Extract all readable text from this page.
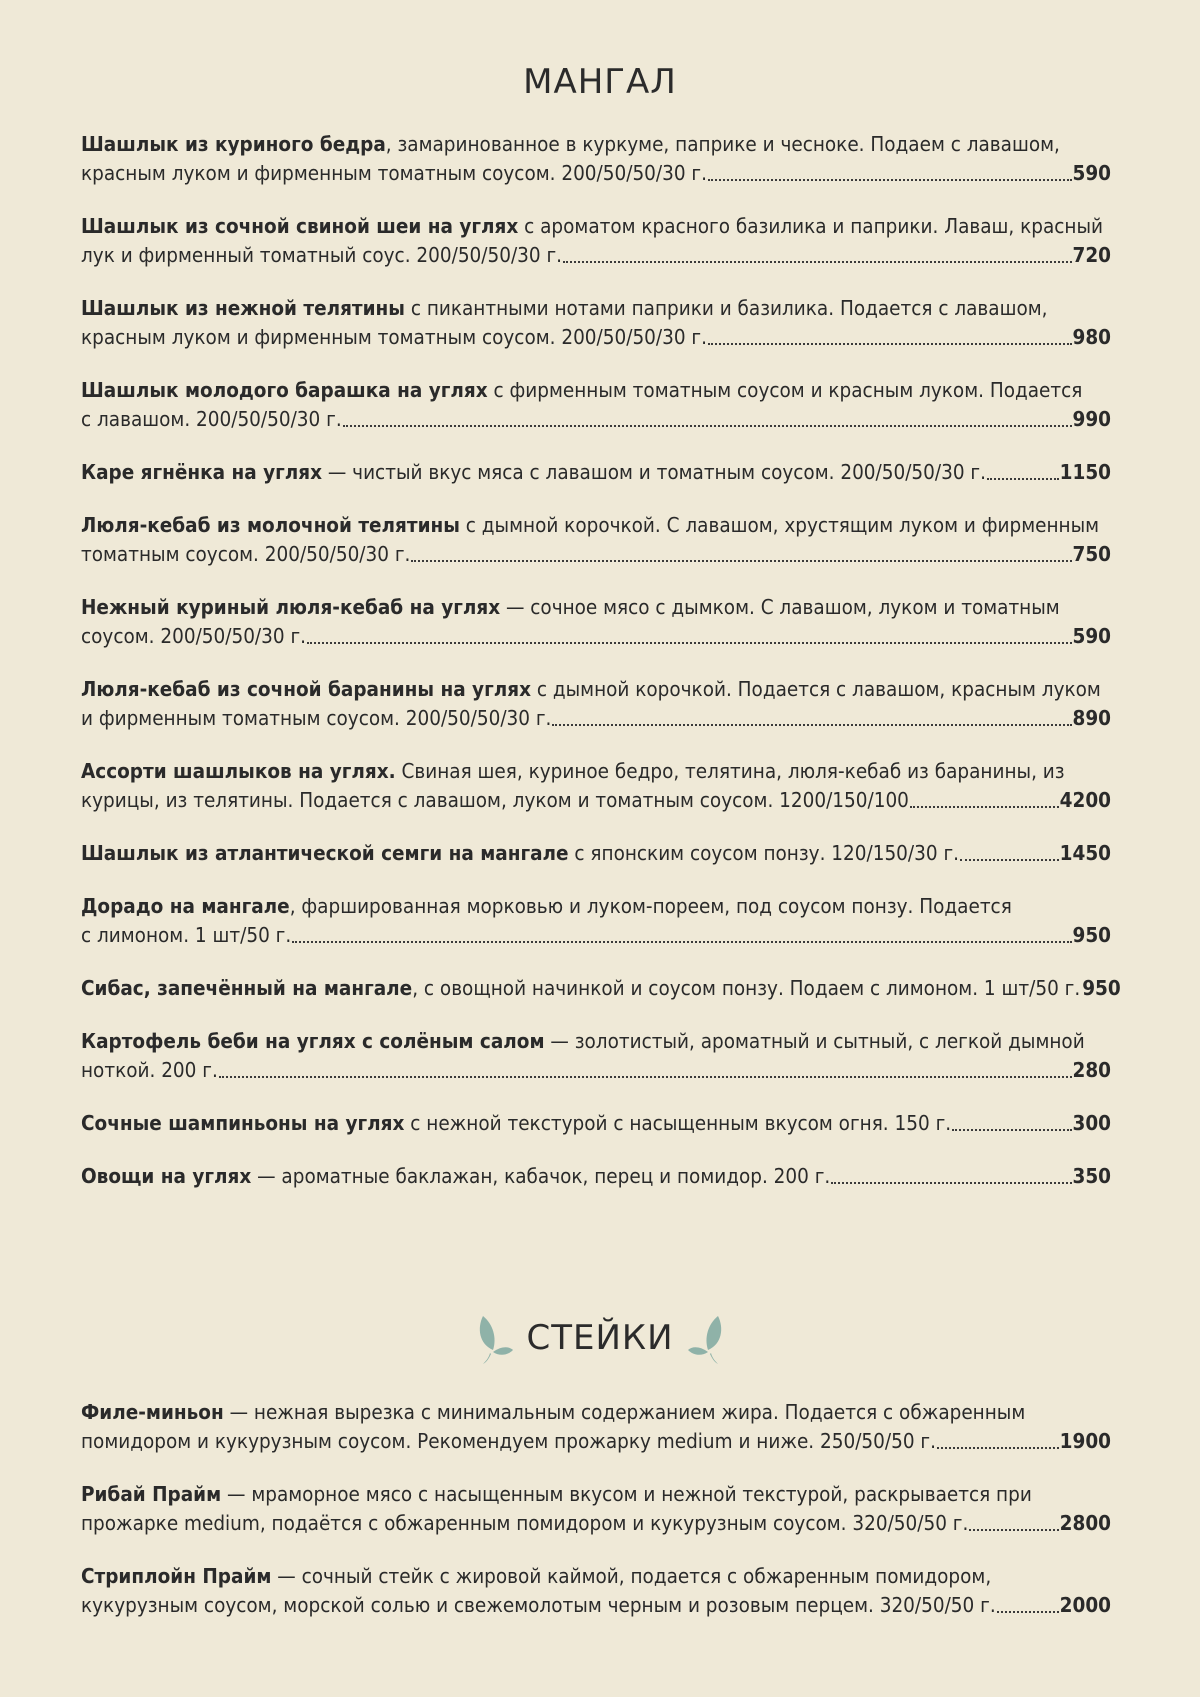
МАНГАЛ
Шашлык из куриного бедра, замаринованное в куркуме, паприке и чесноке. Подаем с лавашом,
красным луком и фирменным томатным соусом. 200/50/50/30 г.	590
Шашлык из сочной свиной шеи на углях с ароматом красного базилика и паприки. Лаваш, красный
лук и фирменный томатный соус. 200/50/50/30 г.	720
Шашлык из нежной телятины с пикантными нотами паприки и базилика. Подается с лавашом,
красным луком и фирменным томатным соусом. 200/50/50/30 г.	980
Шашлык молодого барашка на углях с фирменным томатным соусом и красным луком. Подается
с лавашом. 200/50/50/30 г.	990
Каре ягнёнка на углях — чистый вкус мяса с лавашом и томатным соусом. 200/50/50/30 г.	1150
Люля-кебаб из молочной телятины с дымной корочкой. С лавашом, хрустящим луком и фирменным
томатным соусом. 200/50/50/30 г.	750
Нежный куриный люля-кебаб на углях — сочное мясо с дымком. С лавашом, луком и томатным
соусом. 200/50/50/30 г.	590
Люля-кебаб из сочной баранины на углях с дымной корочкой. Подается с лавашом, красным луком
и фирменным томатным соусом. 200/50/50/30 г.	890
Ассорти шашлыков на углях. Свиная шея, куриное бедро, телятина, люля-кебаб из баранины, из
курицы, из телятины. Подается с лавашом, луком и томатным соусом. 1200/150/100	4200
Шашлык из атлантической семги на мангале с японским соусом понзу. 120/150/30 г.	1450
Дорадо на мангале, фаршированная морковью и луком-пореем, под соусом понзу. Подается
с лимоном. 1 шт/50 г.	950
Сибас, запечённый на мангале, с овощной начинкой и соусом понзу. Подаем с лимоном. 1 шт/50 г. 950
Картофель беби на углях с солёным салом — золотистый, ароматный и сытный, с легкой дымной
ноткой. 200 г.	280
Сочные шампиньоны на углях с нежной текстурой с насыщенным вкусом огня. 150 г.	300
Овощи на углях — ароматные баклажан, кабачок, перец и помидор. 200 г.	350
СТЕЙКИ
Филе-миньон — нежная вырезка с минимальным содержанием жира. Подается с обжаренным
помидором и кукурузным соусом. Рекомендуем прожарку medium и ниже. 250/50/50 г.	1900
Рибай Прайм — мраморное мясо с насыщенным вкусом и нежной текстурой, раскрывается при
прожарке medium, подаётся с обжаренным помидором и кукурузным соусом. 320/50/50 г.	2800
Стриплойн Прайм — сочный стейк с жировой каймой, подается с обжаренным помидором,
кукурузным соусом, морской солью и свежемолотым черным и розовым перцем. 320/50/50 г.	2000
